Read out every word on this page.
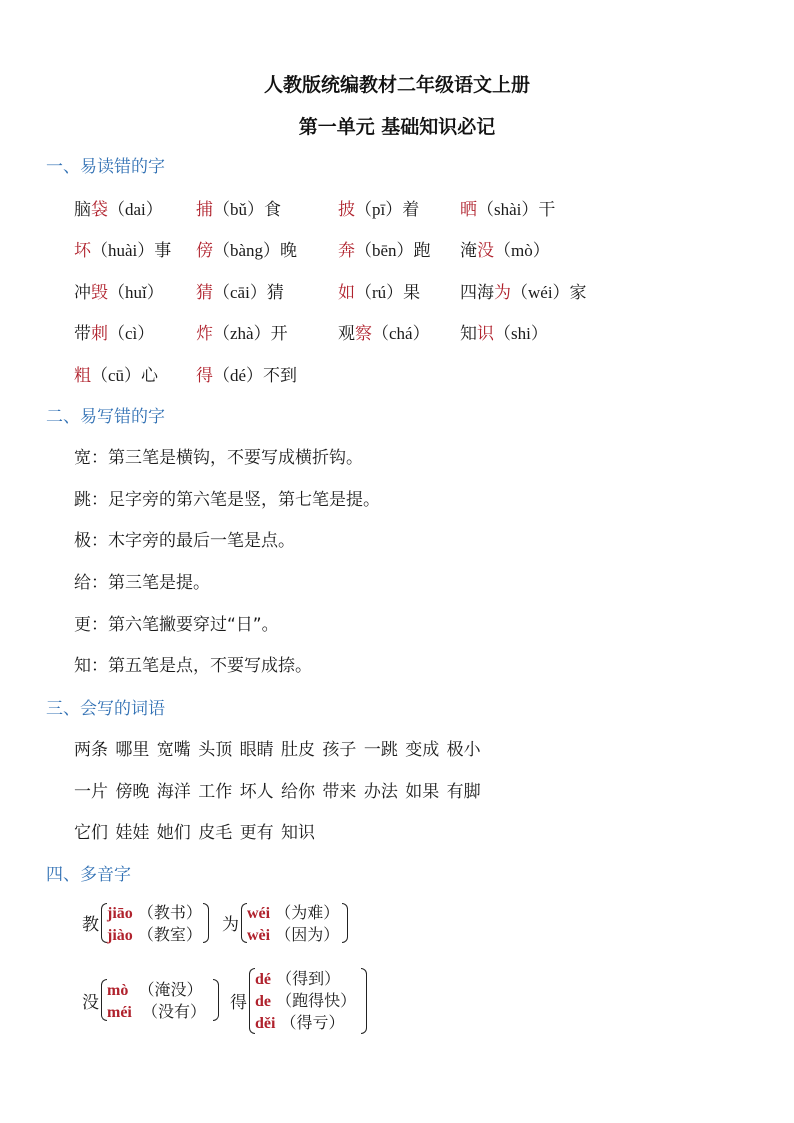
人教版统编教材二年级语文上册
第一单元 基础知识必记
一、易读错的字
脑袋（dai） 捕（bǔ）食	披（pī）着 晒（shài）干
坏（huài）事 傍（bàng）晚 奔（bēn）跑 淹没（mò）
冲毁（huǐ） 猜（cāi）猜	如（rú）果 四海为（wéi）家
带刺（cì） 炸（zhà）开	观察（chá） 知识（shi）
粗（cū）心 得（dé）不到
二、易写错的字
宽：第三笔是横钩，不要写成横折钩。
跳：足字旁的第六笔是竖，第七笔是提。
极：木字旁的最后一笔是点。
给：第三笔是提。
更：第六笔撇要穿过“日”。
知：第五笔是点，不要写成捺。
三、会写的词语
两条 哪里 宽嘴 头顶 眼睛 肚皮 孩子 一跳 变成 极小
一片 傍晚 海洋 工作 坏人 给你 带来 办法 如果 有脚
它们 娃娃 她们 皮毛 更有 知识
四、多音字
教
jiāo （教书）
jiào （教室） 为
wéi （为难）
wèi （因为）
没
mò （淹没）
méi （没有） 得
dé （得到）
de （跑得快）
děi （得亏）
